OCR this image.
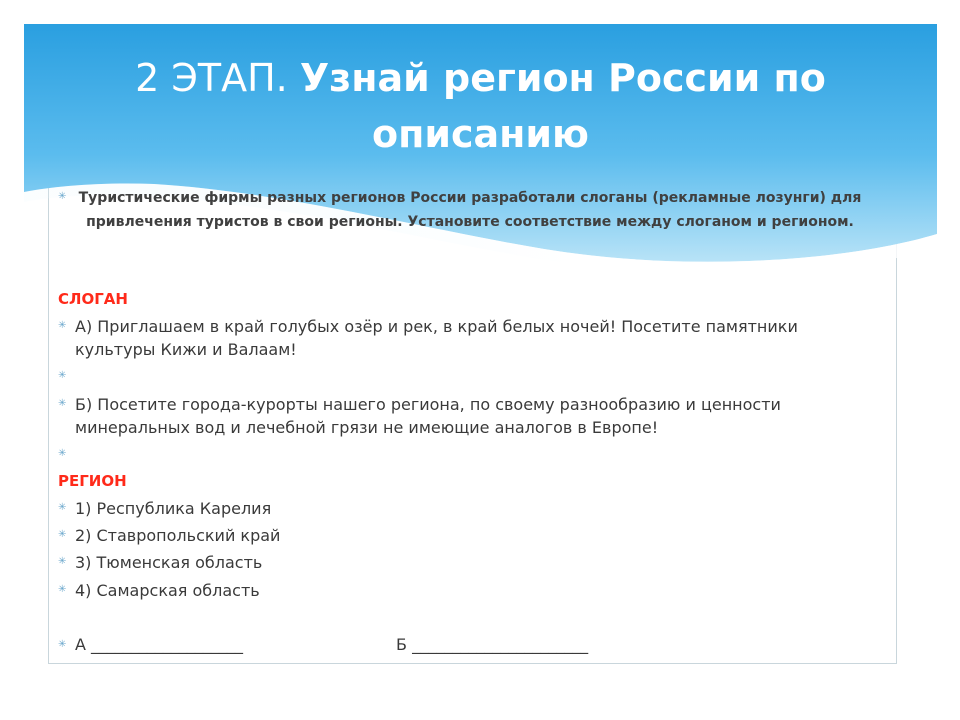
2 ЭТАП. Узнай регион России по описанию
✳ Туристические фирмы разных регионов России разработали слоганы (рекламные лозунги) для привлечения туристов в свои регионы. Установите соответствие между слоганом и регионом.
СЛОГАН
✳ А) Приглашаем в край голубых озёр и рек, в край белых ночей! Посетите памятники культуры Кижи и Валаам!
✳
✳ Б) Посетите города-курорты нашего региона, по своему разнообразию и ценности минеральных вод и лечебной грязи не имеющие аналогов в Европе!
✳
РЕГИОН
✳ 1) Республика Карелия
✳ 2) Ставропольский край
✳ 3) Тюменская область
✳ 4) Самарская область
✳ А ___________________	Б ______________________
